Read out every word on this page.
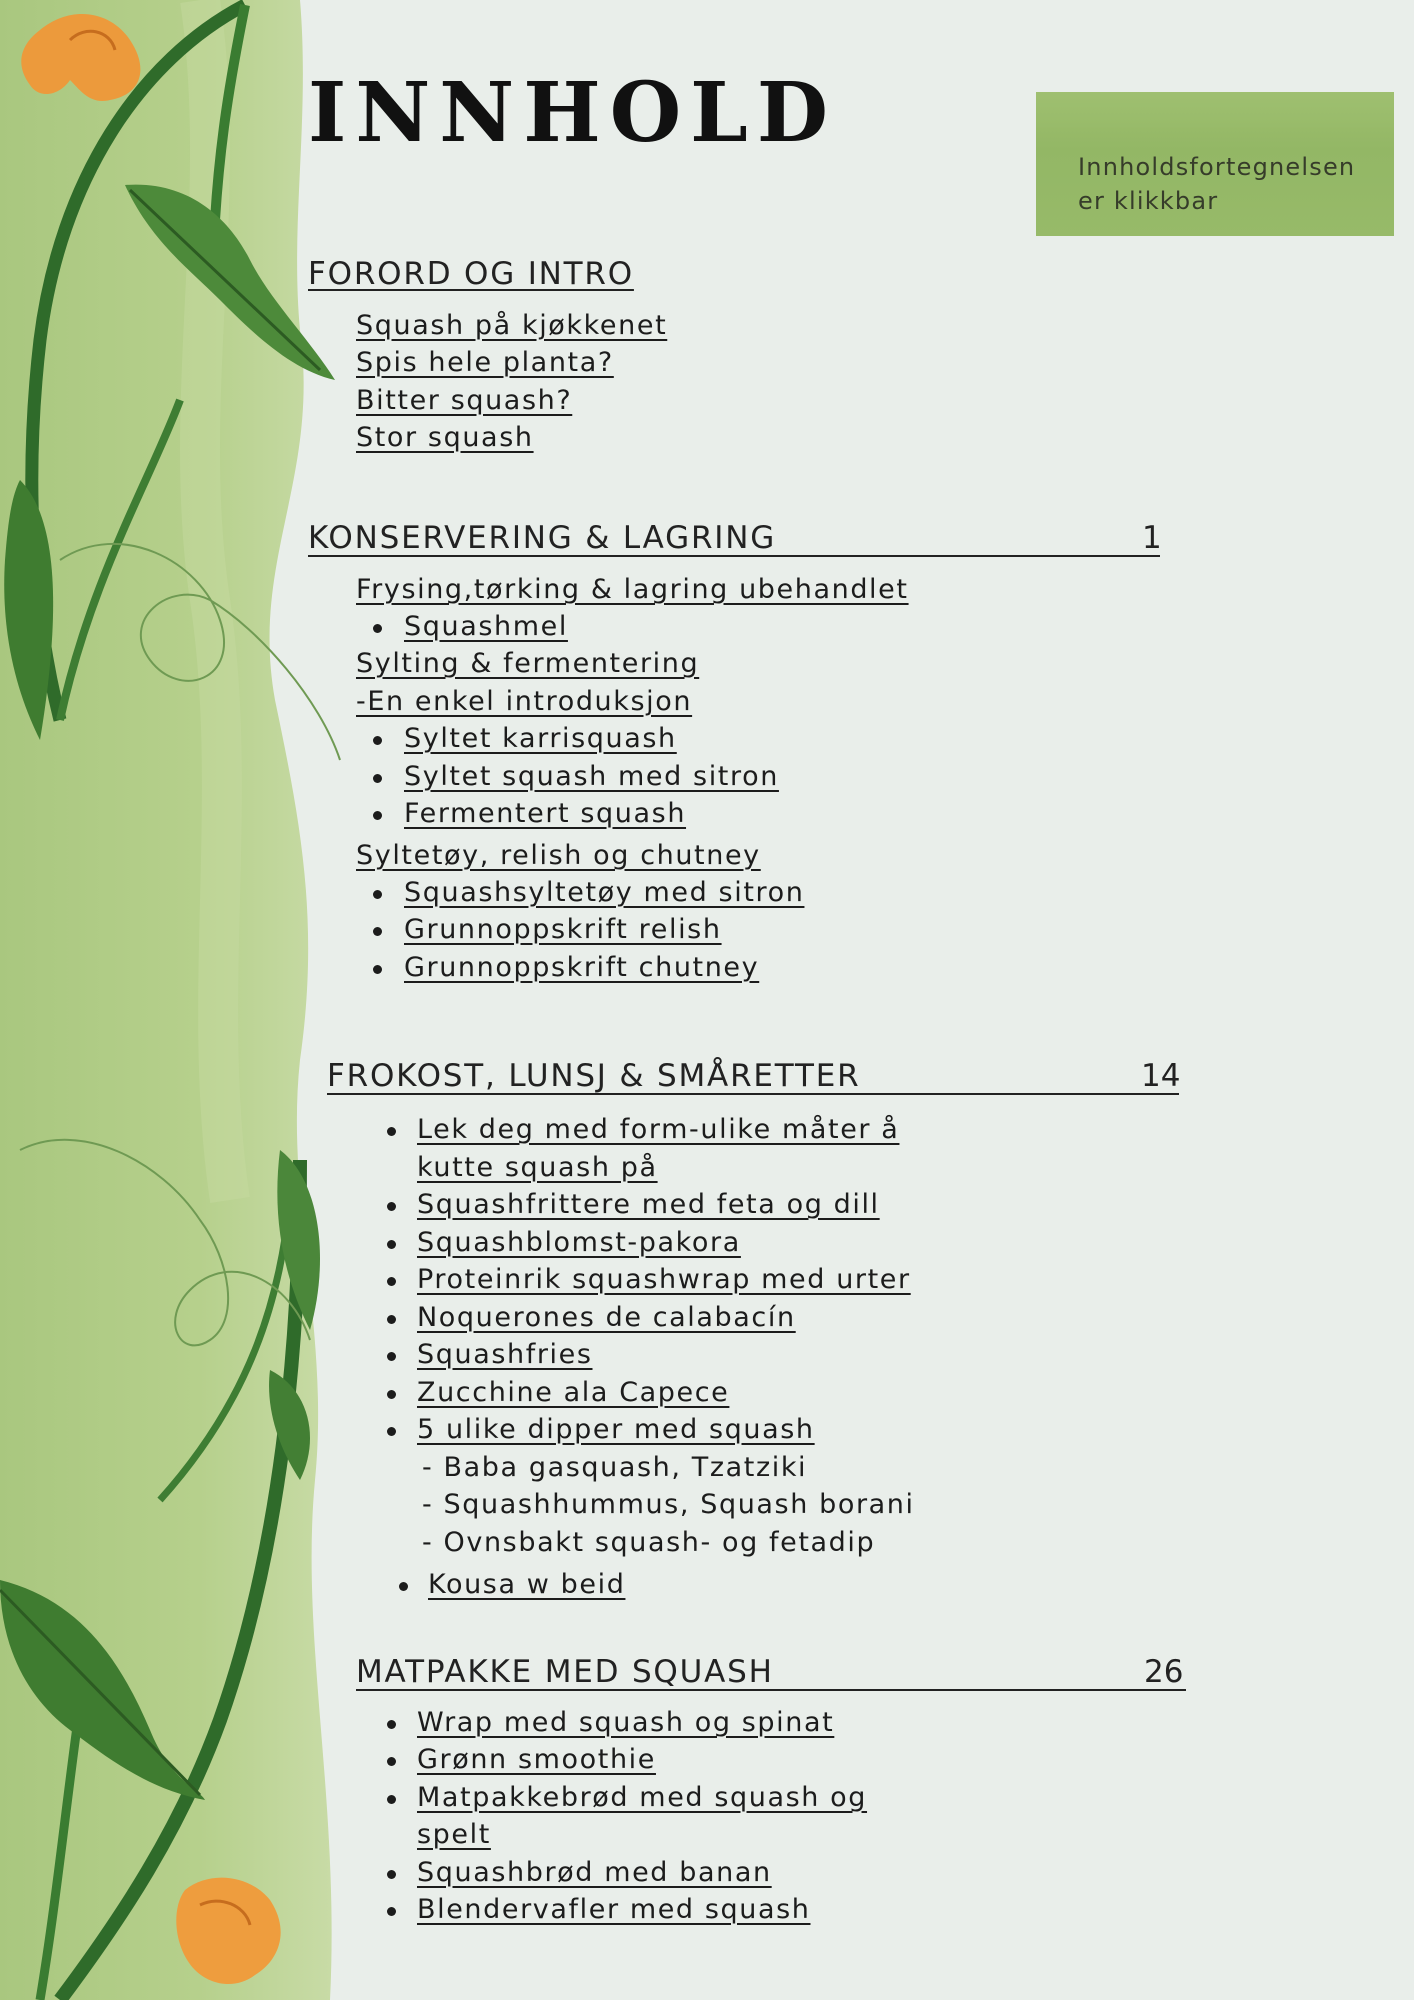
INNHOLD
Innholdsfortegnelsen
er klikkbar
FORORD OG INTRO
Squash på kjøkkenet
Spis hele planta?
Bitter squash?
Stor squash
KONSERVERING & LAGRING	1
Frysing,tørking & lagring ubehandlet
Squashmel
Sylting & fermentering
-En enkel introduksjon
Syltet karrisquash
Syltet squash med sitron
Fermentert squash
Syltetøy, relish og chutney
Squashsyltetøy med sitron
Grunnoppskrift relish
Grunnoppskrift chutney
FROKOST, LUNSJ & SMÅRETTER	14
Lek deg med form-ulike måter å
kutte squash på
Squashfrittere med feta og dill
Squashblomst-pakora
Proteinrik squashwrap med urter
Noquerones de calabacín
Squashfries
Zucchine ala Capece
5 ulike dipper med squash
- Baba gasquash, Tzatziki
- Squashhummus, Squash borani
- Ovnsbakt squash- og fetadip
Kousa w beid
MATPAKKE MED SQUASH	26
Wrap med squash og spinat
Grønn smoothie
Matpakkebrød med squash og
spelt
Squashbrød med banan
Blendervafler med squash
